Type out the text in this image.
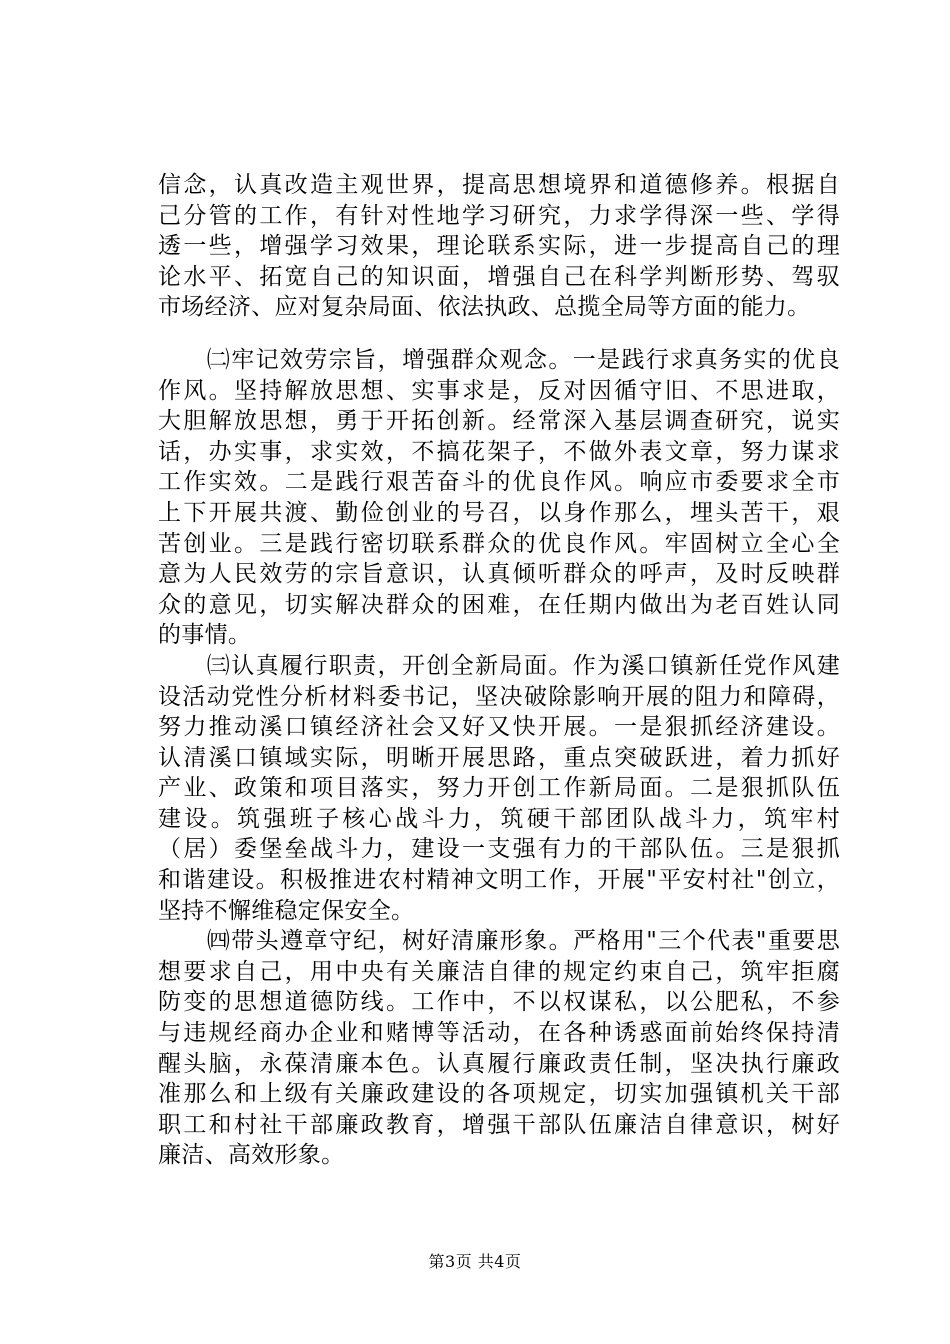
信念，认真改造主观世界，提高思想境界和道德修养。根据自
己分管的工作，有针对性地学习研究，力求学得深一些、学得
透一些，增强学习效果，理论联系实际，进一步提高自己的理
论水平、拓宽自己的知识面，增强自己在科学判断形势、驾驭
市场经济、应对复杂局面、依法执政、总揽全局等方面的能力。
　　㈡牢记效劳宗旨，增强群众观念。一是践行求真务实的优良
作风。坚持解放思想、实事求是，反对因循守旧、不思进取，
大胆解放思想，勇于开拓创新。经常深入基层调查研究，说实
话，办实事，求实效，不搞花架子，不做外表文章，努力谋求
工作实效。二是践行艰苦奋斗的优良作风。响应市委要求全市
上下开展共渡、勤俭创业的号召，以身作那么，埋头苦干，艰
苦创业。三是践行密切联系群众的优良作风。牢固树立全心全
意为人民效劳的宗旨意识，认真倾听群众的呼声，及时反映群
众的意见，切实解决群众的困难，在任期内做出为老百姓认同
的事情。
　　㈢认真履行职责，开创全新局面。作为溪口镇新任党作风建
设活动党性分析材料委书记，坚决破除影响开展的阻力和障碍，
努力推动溪口镇经济社会又好又快开展。一是狠抓经济建设。
认清溪口镇域实际，明晰开展思路，重点突破跃进，着力抓好
产业、政策和项目落实，努力开创工作新局面。二是狠抓队伍
建设。筑强班子核心战斗力，筑硬干部团队战斗力，筑牢村
（居）委堡垒战斗力，建设一支强有力的干部队伍。三是狠抓
和谐建设。积极推进农村精神文明工作，开展"平安村社"创立，
坚持不懈维稳定保安全。
　　㈣带头遵章守纪，树好清廉形象。严格用"三个代表"重要思
想要求自己，用中央有关廉洁自律的规定约束自己，筑牢拒腐
防变的思想道德防线。工作中，不以权谋私，以公肥私，不参
与违规经商办企业和赌博等活动，在各种诱惑面前始终保持清
醒头脑，永葆清廉本色。认真履行廉政责任制，坚决执行廉政
准那么和上级有关廉政建设的各项规定，切实加强镇机关干部
职工和村社干部廉政教育，增强干部队伍廉洁自律意识，树好
廉洁、高效形象。
第3页 共4页
